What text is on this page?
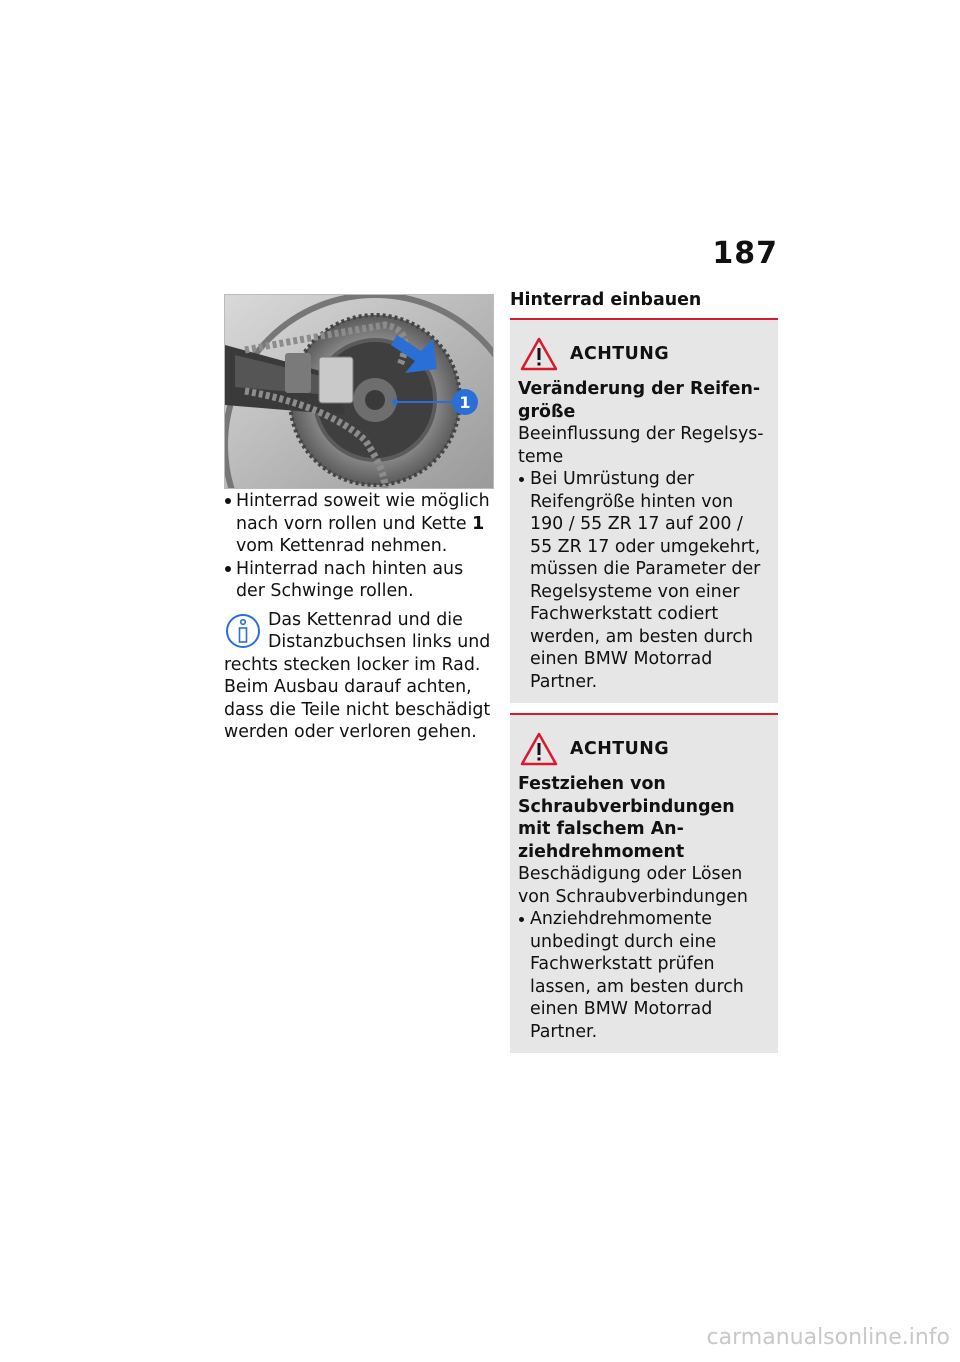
187
1
Hinterrad soweit wie möglich nach vorn rollen und Kette 1 vom Kettenrad nehmen.
Hinterrad nach hinten aus der Schwinge rollen.
Das Kettenrad und die Distanzbuchsen links und rechts stecken locker im Rad. Beim Ausbau darauf achten, dass die Teile nicht beschädigt werden oder verloren gehen.
Hinterrad einbauen
ACHTUNG
Veränderung der Reifengröße
Beeinflussung der Regelsysteme
Bei Umrüstung der Reifengröße hinten von 190 / 55 ZR 17 auf 200 / 55 ZR 17 oder umgekehrt, müssen die Parameter der Regelsysteme von einer Fachwerkstatt codiert werden, am besten durch einen BMW Motorrad Partner.
ACHTUNG
Festziehen von Schraubverbindungen mit falschem Anziehdrehmoment
Beschädigung oder Lösen von Schraubverbindungen
Anziehdrehmomente unbedingt durch eine Fachwerkstatt prüfen lassen, am besten durch einen BMW Motorrad Partner.
carmanualsonline.info
